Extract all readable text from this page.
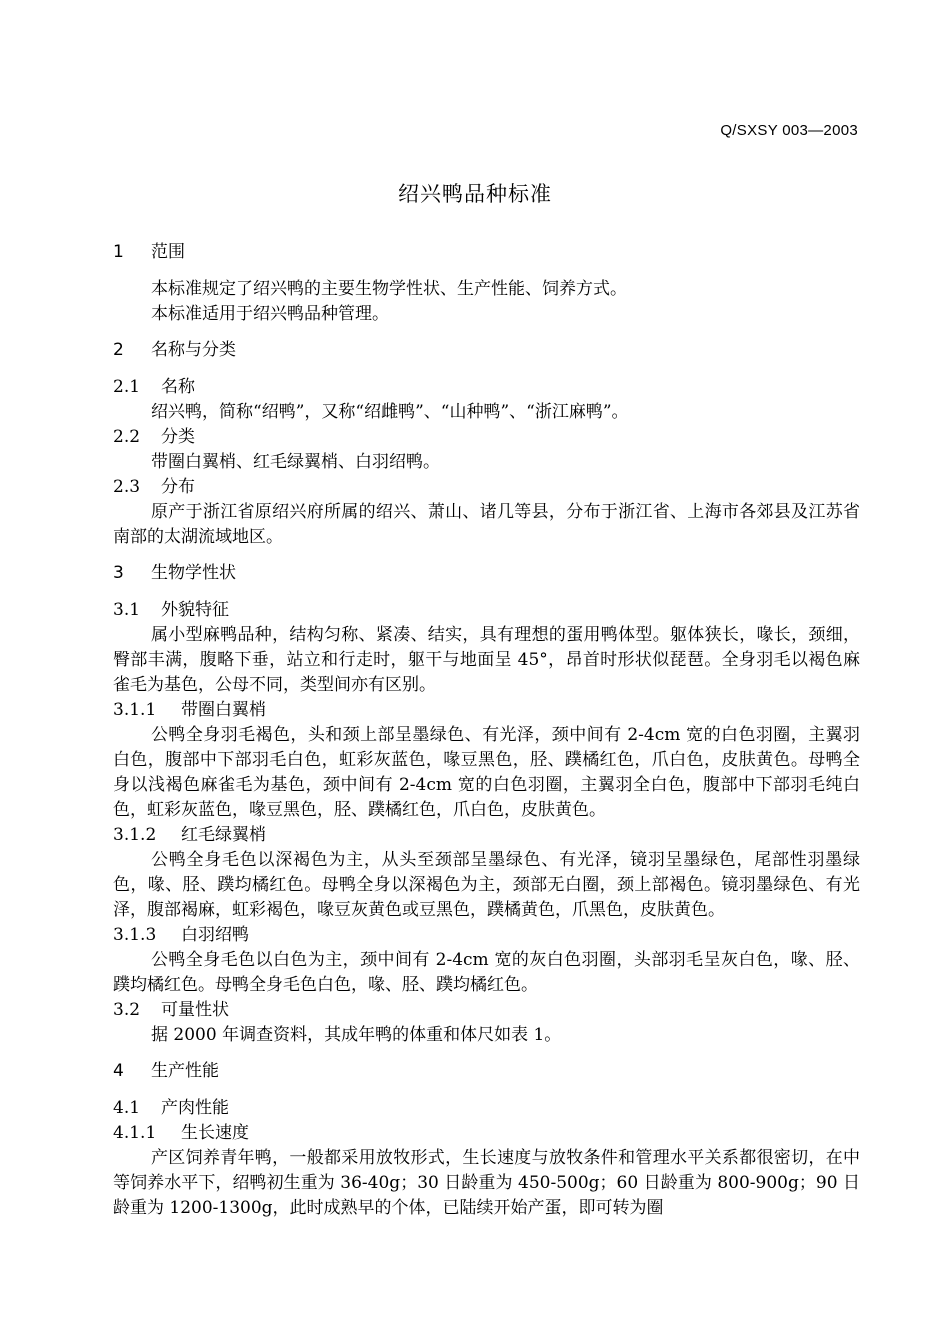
Q/SXSY 003—2003
绍兴鸭品种标准
1	范围

本标准规定了绍兴鸭的主要生物学性状、生产性能、饲养方式。

本标准适用于绍兴鸭品种管理。

2	名称与分类
2.1	名称

绍兴鸭，简称“绍鸭”，又称“绍雌鸭”、“山种鸭”、“浙江麻鸭”。

2.2	分类

带圈白翼梢、红毛绿翼梢、白羽绍鸭。

2.3	分布

原产于浙江省原绍兴府所属的绍兴、萧山、诸几等县，分布于浙江省、上海市各郊县及江苏省南部的太湖流域地区。

3	生物学性状
3.1	外貌特征

属小型麻鸭品种，结构匀称、紧凑、结实，具有理想的蛋用鸭体型。躯体狭长，喙长，颈细，臀部丰满，腹略下垂，站立和行走时，躯干与地面呈 45°，昂首时形状似琵琶。全身羽毛以褐色麻雀毛为基色，公母不同，类型间亦有区别。

3.1.1	带圈白翼梢

公鸭全身羽毛褐色，头和颈上部呈墨绿色、有光泽，颈中间有 2-4cm 宽的白色羽圈，主翼羽白色，腹部中下部羽毛白色，虹彩灰蓝色，喙豆黑色，胫、蹼橘红色，爪白色，皮肤黄色。母鸭全身以浅褐色麻雀毛为基色，颈中间有 2-4cm 宽的白色羽圈，主翼羽全白色，腹部中下部羽毛纯白色，虹彩灰蓝色，喙豆黑色，胫、蹼橘红色，爪白色，皮肤黄色。

3.1.2	红毛绿翼梢

公鸭全身毛色以深褐色为主，从头至颈部呈墨绿色、有光泽，镜羽呈墨绿色，尾部性羽墨绿色，喙、胫、蹼均橘红色。母鸭全身以深褐色为主，颈部无白圈，颈上部褐色。镜羽墨绿色、有光泽，腹部褐麻，虹彩褐色，喙豆灰黄色或豆黑色，蹼橘黄色，爪黑色，皮肤黄色。

3.1.3	白羽绍鸭

公鸭全身毛色以白色为主，颈中间有 2-4cm 宽的灰白色羽圈，头部羽毛呈灰白色，喙、胫、蹼均橘红色。母鸭全身毛色白色，喙、胫、蹼均橘红色。

3.2	可量性状

据 2000 年调查资料，其成年鸭的体重和体尺如表 1。

4	生产性能
4.1	产肉性能
4.1.1	生长速度

产区饲养青年鸭，一般都采用放牧形式，生长速度与放牧条件和管理水平关系都很密切，在中等饲养水平下，绍鸭初生重为 36-40g；30 日龄重为 450-500g；60 日龄重为 800-900g；90 日龄重为 1200-1300g，此时成熟早的个体，已陆续开始产蛋，即可转为圈
